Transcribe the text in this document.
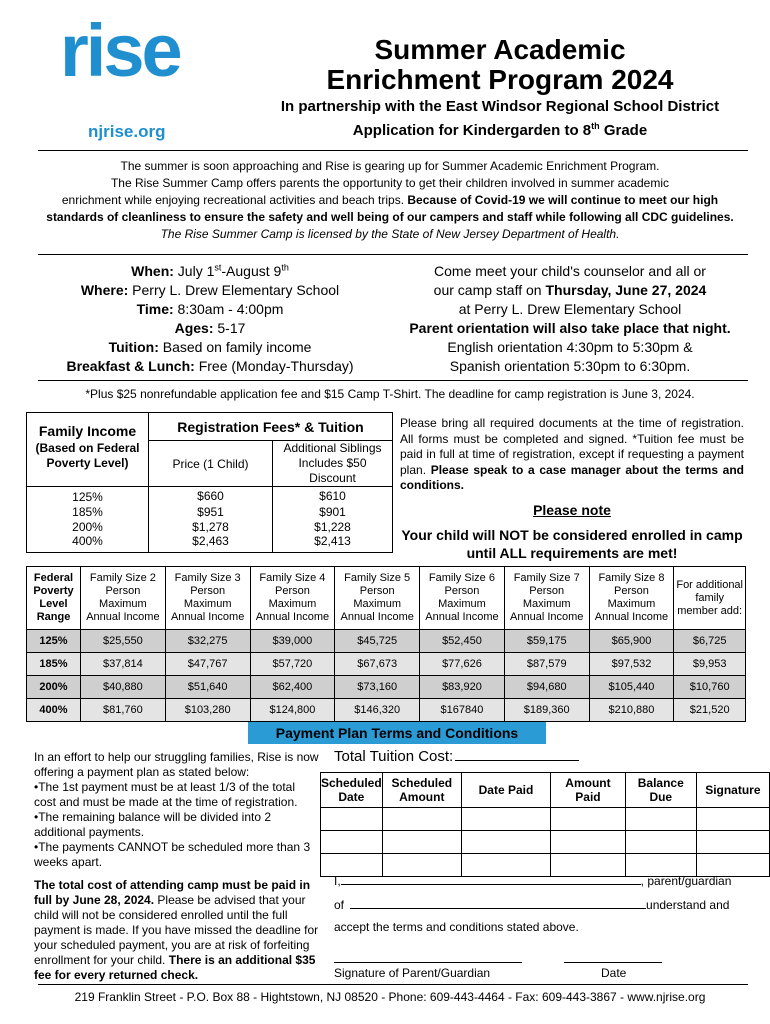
rise
njrise.org
Summer Academic
Enrichment Program 2024
In partnership with the East Windsor Regional School District
Application for Kindergarden to 8th Grade
The summer is soon approaching and Rise is gearing up for Summer Academic Enrichment Program.
The Rise Summer Camp offers parents the opportunity to get their children involved in summer academic
enrichment while enjoying recreational activities and beach trips. Because of Covid-19 we will continue to meet our high
standards of cleanliness to ensure the safety and well being of our campers and staff while following all CDC guidelines.
The Rise Summer Camp is licensed by the State of New Jersey Department of Health.
When: July 1st-August 9th
Where: Perry L. Drew Elementary School
Time: 8:30am - 4:00pm
Ages: 5-17
Tuition: Based on family income
Breakfast & Lunch: Free (Monday-Thursday)
Come meet your child's counselor and all or
our camp staff on Thursday, June 27, 2024
at Perry L. Drew Elementary School
Parent orientation will also take place that night.
English orientation 4:30pm to 5:30pm &
Spanish orientation 5:30pm to 6:30pm.
*Plus $25 nonrefundable application fee and $15 Camp T-Shirt. The deadline for camp registration is June 3, 2024.
Family Income
(Based on Federal Poverty Level)	Registration Fees* & Tuition	
	Price (1 Child)	Additional Siblings Includes $50 Discount
125%	$660	$610
185%	$951	$901
200%	$1,278	$1,228
400%	$2,463	$2,413
Please bring all required documents at the time of registration. All forms must be completed and signed. *Tuition fee must be paid in full at time of registration, except if requesting a payment plan. Please speak to a case manager about the terms and conditions.
Please note
Your child will NOT be considered enrolled in camp until ALL requirements are met!
Federal Poverty Level Range	Family Size 2 Person Maximum Annual Income	Family Size 3 Person Maximum Annual Income	Family Size 4 Person Maximum Annual Income	Family Size 5 Person Maximum Annual Income	Family Size 6 Person Maximum Annual Income	Family Size 7 Person Maximum Annual Income	Family Size 8 Person Maximum Annual Income	For additional family member add:
125%	$25,550	$32,275	$39,000	$45,725	$52,450	$59,175	$65,900	$6,725
185%	$37,814	$47,767	$57,720	$67,673	$77,626	$87,579	$97,532	$9,953
200%	$40,880	$51,640	$62,400	$73,160	$83,920	$94,680	$105,440	$10,760
400%	$81,760	$103,280	$124,800	$146,320	$167840	$189,360	$210,880	$21,520
Payment Plan Terms and Conditions
In an effort to help our struggling families, Rise is now offering a payment plan as stated below:
•The 1st payment must be at least 1/3 of the total cost and must be made at the time of registration.
•The remaining balance will be divided into 2 additional payments.
•The payments CANNOT be scheduled more than 3 weeks apart.
The total cost of attending camp must be paid in full by June 28, 2024. Please be advised that your child will not be considered enrolled until the full payment is made. If you have missed the deadline for your scheduled payment, you are at risk of forfeiting enrollment for your child. There is an additional $35 fee for every returned check.
Total Tuition Cost:
Scheduled Date	Scheduled Amount	Date Paid	Amount Paid	Balance Due	Signature

I,	, parent/guardian
of	understand and
accept the terms and conditions stated above.
Signature of Parent/Guardian	Date
219 Franklin Street - P.O. Box 88 - Hightstown, NJ 08520 - Phone: 609-443-4464 - Fax: 609-443-3867 - www.njrise.org
